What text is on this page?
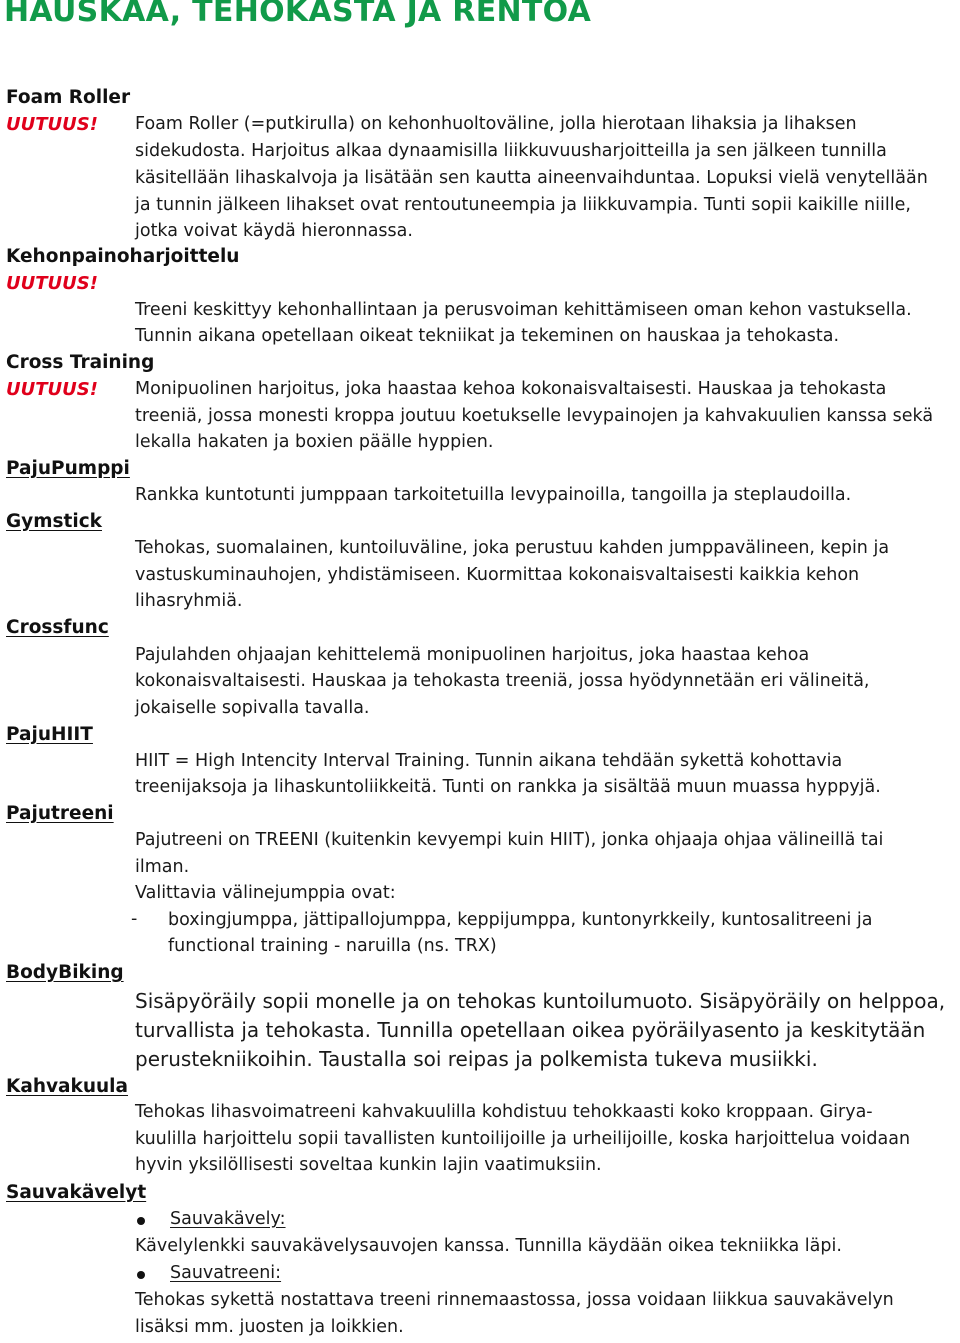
HAUSKAA, TEHOKASTA JA RENTOA
Foam Roller
UUTUUS! Foam Roller (=putkirulla) on kehonhuoltoväline, jolla hierotaan lihaksia ja lihaksen
sidekudosta. Harjoitus alkaa dynaamisilla liikkuvuusharjoitteilla ja sen jälkeen tunnilla
käsitellään lihaskalvoja ja lisätään sen kautta aineenvaihduntaa. Lopuksi vielä venytellään
ja tunnin jälkeen lihakset ovat rentoutuneempia ja liikkuvampia. Tunti sopii kaikille niille,
jotka voivat käydä hieronnassa.
Kehonpainoharjoittelu
UUTUUS!
Treeni keskittyy kehonhallintaan ja perusvoiman kehittämiseen oman kehon vastuksella.
Tunnin aikana opetellaan oikeat tekniikat ja tekeminen on hauskaa ja tehokasta.
Cross Training
UUTUUS! Monipuolinen harjoitus, joka haastaa kehoa kokonaisvaltaisesti. Hauskaa ja tehokasta
treeniä, jossa monesti kroppa joutuu koetukselle levypainojen ja kahvakuulien kanssa sekä
lekalla hakaten ja boxien päälle hyppien.
PajuPumppi
Rankka kuntotunti jumppaan tarkoitetuilla levypainoilla, tangoilla ja steplaudoilla.
Gymstick
Tehokas, suomalainen, kuntoiluväline, joka perustuu kahden jumppavälineen, kepin ja
vastuskuminauhojen, yhdistämiseen. Kuormittaa kokonaisvaltaisesti kaikkia kehon
lihasryhmiä.
Crossfunc
Pajulahden ohjaajan kehittelemä monipuolinen harjoitus, joka haastaa kehoa
kokonaisvaltaisesti. Hauskaa ja tehokasta treeniä, jossa hyödynnetään eri välineitä,
jokaiselle sopivalla tavalla.
PajuHIIT
HIIT = High Intencity Interval Training. Tunnin aikana tehdään sykettä kohottavia
treenijaksoja ja lihaskuntoliikkeitä. Tunti on rankka ja sisältää muun muassa hyppyjä.
Pajutreeni
Pajutreeni on TREENI (kuitenkin kevyempi kuin HIIT), jonka ohjaaja ohjaa välineillä tai
ilman.
Valittavia välinejumppia ovat:
- boxingjumppa, jättipallojumppa, keppijumppa, kuntonyrkkeily, kuntosalitreeni ja
functional training - naruilla (ns. TRX)
BodyBiking
Sisäpyöräily sopii monelle ja on tehokas kuntoilumuoto. Sisäpyöräily on helppoa,
turvallista ja tehokasta. Tunnilla opetellaan oikea pyöräilyasento ja keskitytään
perustekniikoihin. Taustalla soi reipas ja polkemista tukeva musiikki.
Kahvakuula
Tehokas lihasvoimatreeni kahvakuulilla kohdistuu tehokkaasti koko kroppaan. Girya-
kuulilla harjoittelu sopii tavallisten kuntoilijoille ja urheilijoille, koska harjoittelua voidaan
hyvin yksilöllisesti soveltaa kunkin lajin vaatimuksiin.
Sauvakävelyt
Sauvakävely:
Kävelylenkki sauvakävelysauvojen kanssa. Tunnilla käydään oikea tekniikka läpi.
Sauvatreeni:
Tehokas sykettä nostattava treeni rinnemaastossa, jossa voidaan liikkua sauvakävelyn
lisäksi mm. juosten ja loikkien.
